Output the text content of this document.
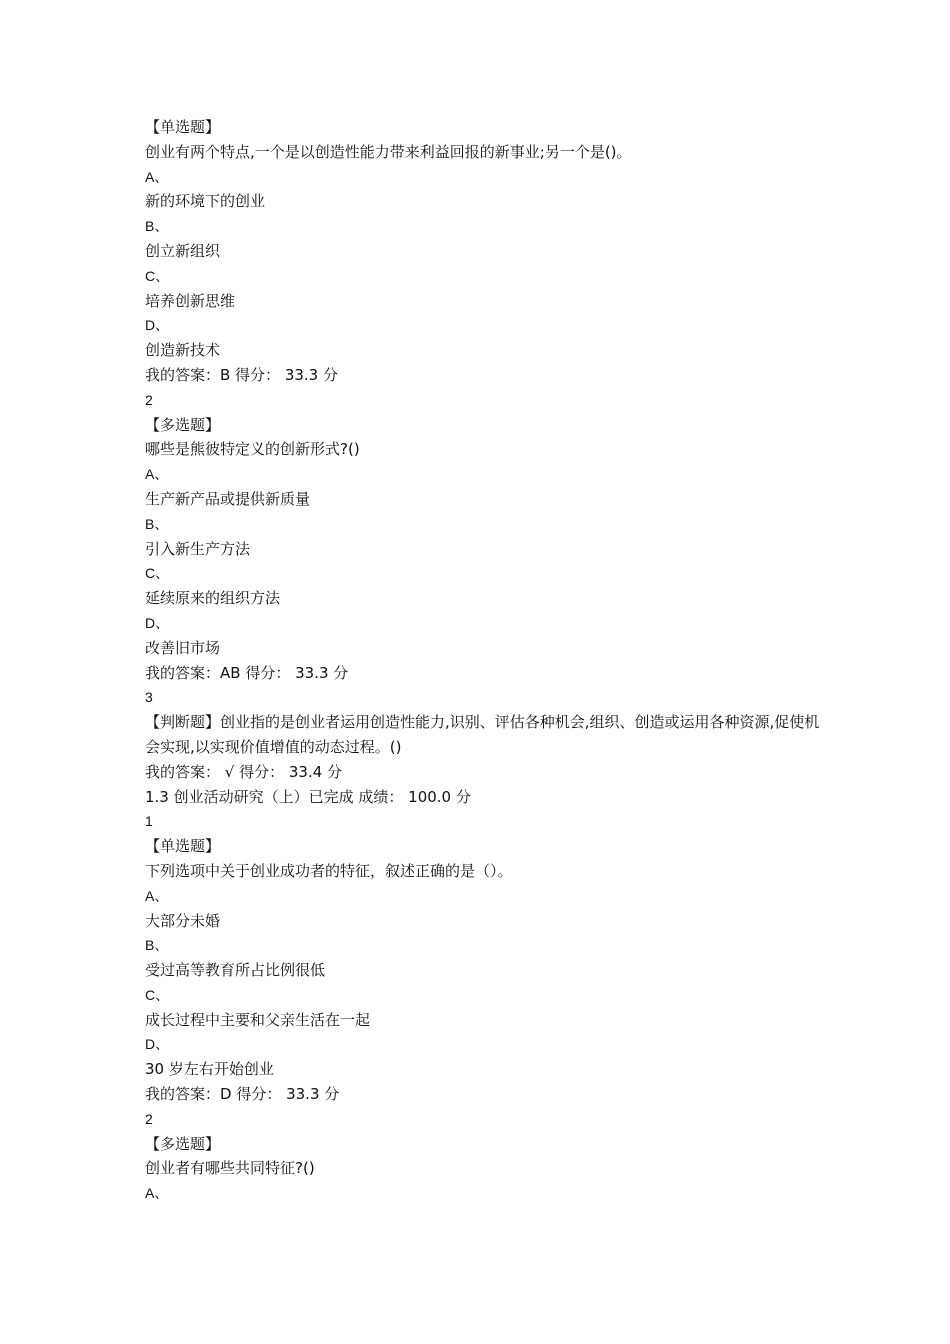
【单选题】
创业有两个特点,一个是以创造性能力带来利益回报的新事业;另一个是()。
A、
新的环境下的创业
B、
创立新组织
C、
培养创新思维
D、
创造新技术
我的答案：B 得分： 33.3 分
2
【多选题】
哪些是熊彼特定义的创新形式?()
A、
生产新产品或提供新质量
B、
引入新生产方法
C、
延续原来的组织方法
D、
改善旧市场
我的答案：AB 得分： 33.3 分
3
【判断题】创业指的是创业者运用创造性能力,识别、评估各种机会,组织、创造或运用各种资源,促使机会实现,以实现价值增值的动态过程。()
我的答案： √ 得分： 33.4 分
1.3 创业活动研究（上）已完成 成绩： 100.0 分
1
【单选题】
下列选项中关于创业成功者的特征，叙述正确的是（）。
A、
大部分未婚
B、
受过高等教育所占比例很低
C、
成长过程中主要和父亲生活在一起
D、
30 岁左右开始创业
我的答案：D 得分： 33.3 分
2
【多选题】
创业者有哪些共同特征?()
A、
